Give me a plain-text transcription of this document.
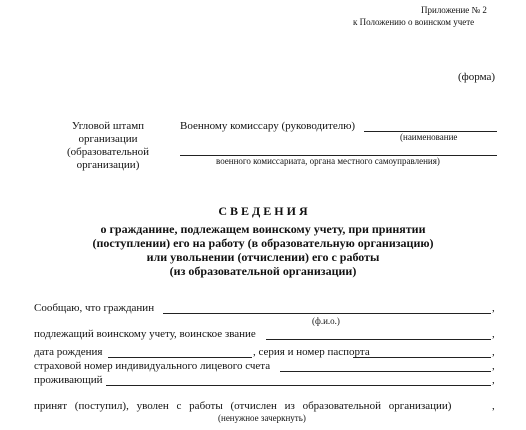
Приложение № 2
к Положению о воинском учете
(форма)
Угловой штамп
организации
(образовательной
организации)
Военному комиссару (руководителю)
(наименование
военного комиссариата, органа местного самоуправления)
С В Е Д Е Н И Я
о гражданине, подлежащем воинскому учету, при принятии
(поступлении) его на работу (в образовательную организацию)
или увольнении (отчислении) его с работы
(из образовательной организации)
Сообщаю, что гражданин	,
(ф.и.о.)
подлежащий воинскому учету, воинское звание	,
дата рождения	, серия и номер паспорта	,
страховой номер индивидуального лицевого счета	,
проживающий	,
принят (поступил), уволен с работы (отчислен из образовательной организации)	,
(ненужное зачеркнуть)
